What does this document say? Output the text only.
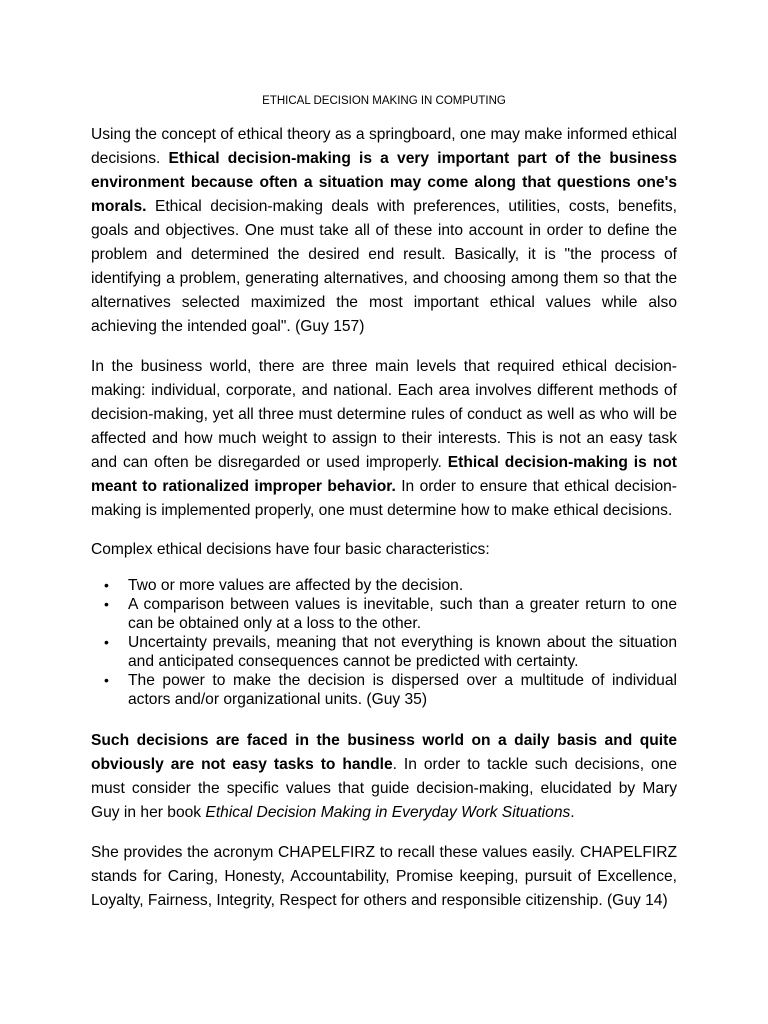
ETHICAL DECISION MAKING IN COMPUTING

Using the concept of ethical theory as a springboard, one may make informed ethical decisions. Ethical decision-making is a very important part of the business environment because often a situation may come along that questions one's morals. Ethical decision-making deals with preferences, utilities, costs, benefits, goals and objectives. One must take all of these into account in order to define the problem and determined the desired end result. Basically, it is "the process of identifying a problem, generating alternatives, and choosing among them so that the alternatives selected maximized the most important ethical values while also achieving the intended goal". (Guy 157)

In the business world, there are three main levels that required ethical decision-making: individual, corporate, and national. Each area involves different methods of decision-making, yet all three must determine rules of conduct as well as who will be affected and how much weight to assign to their interests. This is not an easy task and can often be disregarded or used improperly. Ethical decision-making is not meant to rationalized improper behavior. In order to ensure that ethical decision-making is implemented properly, one must determine how to make ethical decisions.

Complex ethical decisions have four basic characteristics:

• Two or more values are affected by the decision.
• A comparison between values is inevitable, such than a greater return to one can be obtained only at a loss to the other.
• Uncertainty prevails, meaning that not everything is known about the situation and anticipated consequences cannot be predicted with certainty.
• The power to make the decision is dispersed over a multitude of individual actors and/or organizational units. (Guy 35)

Such decisions are faced in the business world on a daily basis and quite obviously are not easy tasks to handle. In order to tackle such decisions, one must consider the specific values that guide decision-making, elucidated by Mary Guy in her book Ethical Decision Making in Everyday Work Situations.

She provides the acronym CHAPELFIRZ to recall these values easily. CHAPELFIRZ stands for Caring, Honesty, Accountability, Promise keeping, pursuit of Excellence, Loyalty, Fairness, Integrity, Respect for others and responsible citizenship. (Guy 14)
